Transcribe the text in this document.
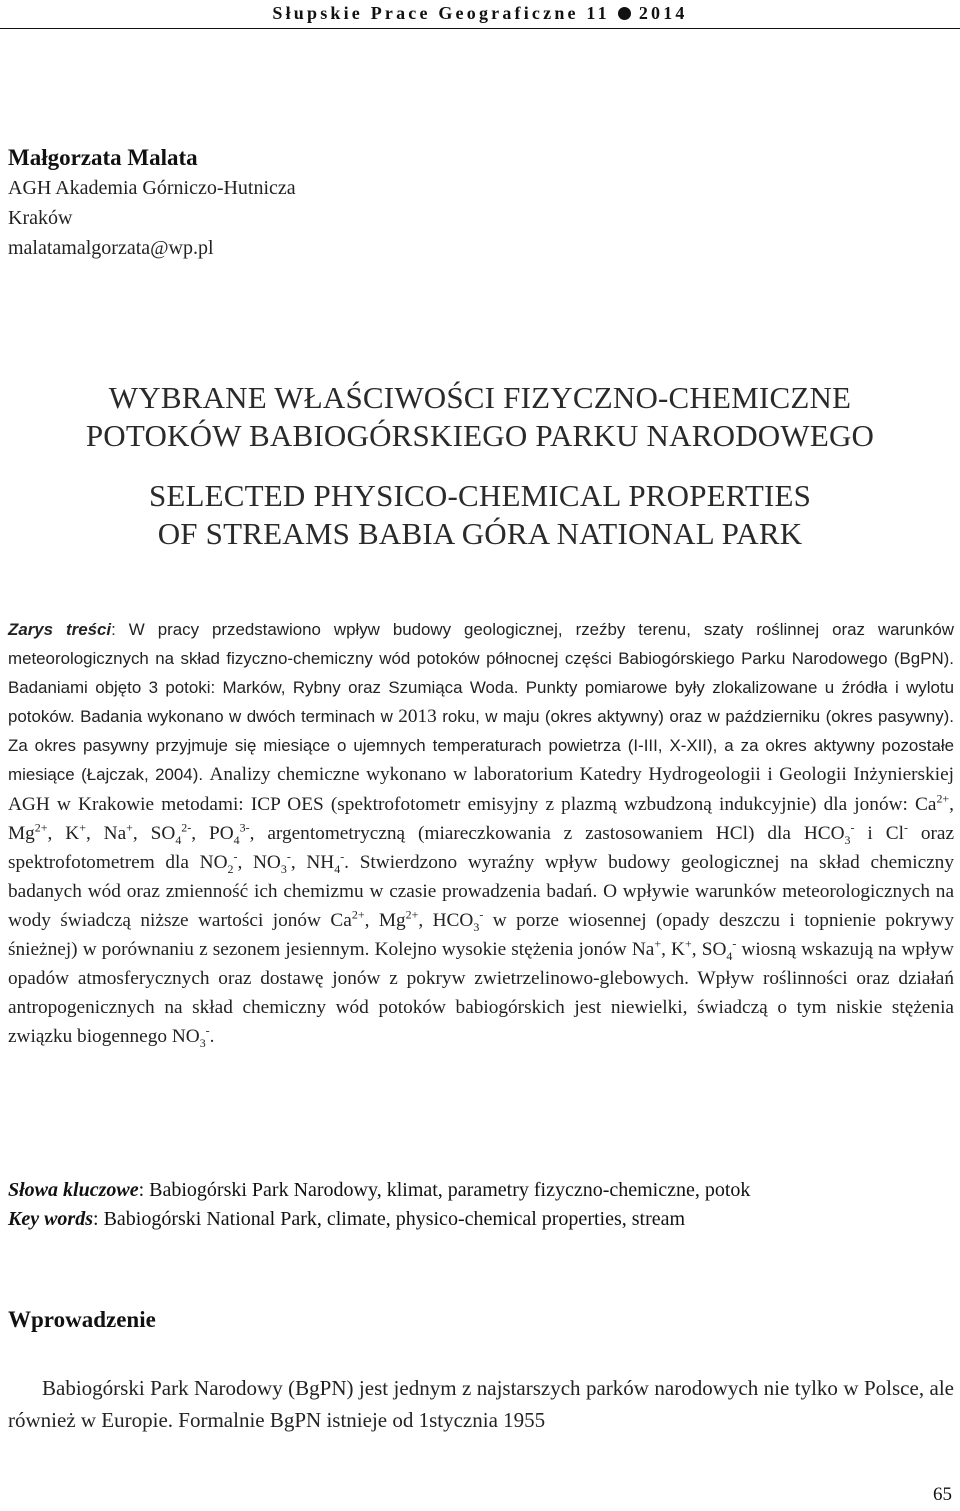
Słupskie Prace Geograficzne 11 2014
Małgorzata Malata
AGH Akademia Górniczo-Hutnicza
Kraków
malatamalgorzata@wp.pl
WYBRANE WŁAŚCIWOŚCI FIZYCZNO-CHEMICZNE
POTOKÓW BABIOGÓRSKIEGO PARKU NARODOWEGO
SELECTED PHYSICO-CHEMICAL PROPERTIES
OF STREAMS BABIA GÓRA NATIONAL PARK
Zarys treści: W pracy przedstawiono wpływ budowy geologicznej, rzeźby terenu, szaty roślinnej oraz warunków meteorologicznych na skład fizyczno-chemiczny wód potoków północnej części Babiogórskiego Parku Narodowego (BgPN). Badaniami objęto 3 potoki: Marków, Rybny oraz Szumiąca Woda. Punkty pomiarowe były zlokalizowane u źródła i wylotu potoków. Badania wykonano w dwóch terminach w 2013 roku, w maju (okres aktywny) oraz w październiku (okres pasywny). Za okres pasywny przyjmuje się miesiące o ujemnych temperaturach powietrza (I-III, X-XII), a za okres aktywny pozostałe miesiące (Łajczak, 2004). Analizy chemiczne wykonano w laboratorium Katedry Hydrogeologii i Geologii Inżynierskiej AGH w Krakowie metodami: ICP OES (spektrofotometr emisyjny z plazmą wzbudzoną indukcyjnie) dla jonów: $Ca^{2+}$, $Mg^{2+}$, K+, Na+, $SO_4^{2-}$, $PO_4^{3-}$, argentometryczną (miareczkowania z zastosowaniem HCl) dla $HCO_3^-$ i Cl- oraz spektrofotometrem dla $NO_2^-$, $NO_3^-$, $NH_4^-$. Stwierdzono wyraźny wpływ budowy geologicznej na skład chemiczny badanych wód oraz zmienność ich chemizmu w czasie prowadzenia badań. O wpływie warunków meteorologicznych na wody świadczą niższe wartości jonów $Ca^{2+}$, $Mg^{2+}$, $HCO_3^-$ w porze wiosennej (opady deszczu i topnienie pokrywy śnieżnej) w porównaniu z sezonem jesiennym. Kolejno wysokie stężenia jonów Na+, K+, $SO_4^-$ wiosną wskazują na wpływ opadów atmosferycznych oraz dostawę jonów z pokryw zwietrzelinowo-glebowych. Wpływ roślinności oraz działań antropogenicznych na skład chemiczny wód potoków babiogórskich jest niewielki, świadczą o tym niskie stężenia związku biogennego $NO_3^-$.
Słowa kluczowe: Babiogórski Park Narodowy, klimat, parametry fizyczno-chemiczne, potok
Key words: Babiogórski National Park, climate, physico-chemical properties, stream
Wprowadzenie

Babiogórski Park Narodowy (BgPN) jest jednym z najstarszych parków narodowych nie tylko w Polsce, ale również w Europie. Formalnie BgPN istnieje od 1stycznia 1955

65
